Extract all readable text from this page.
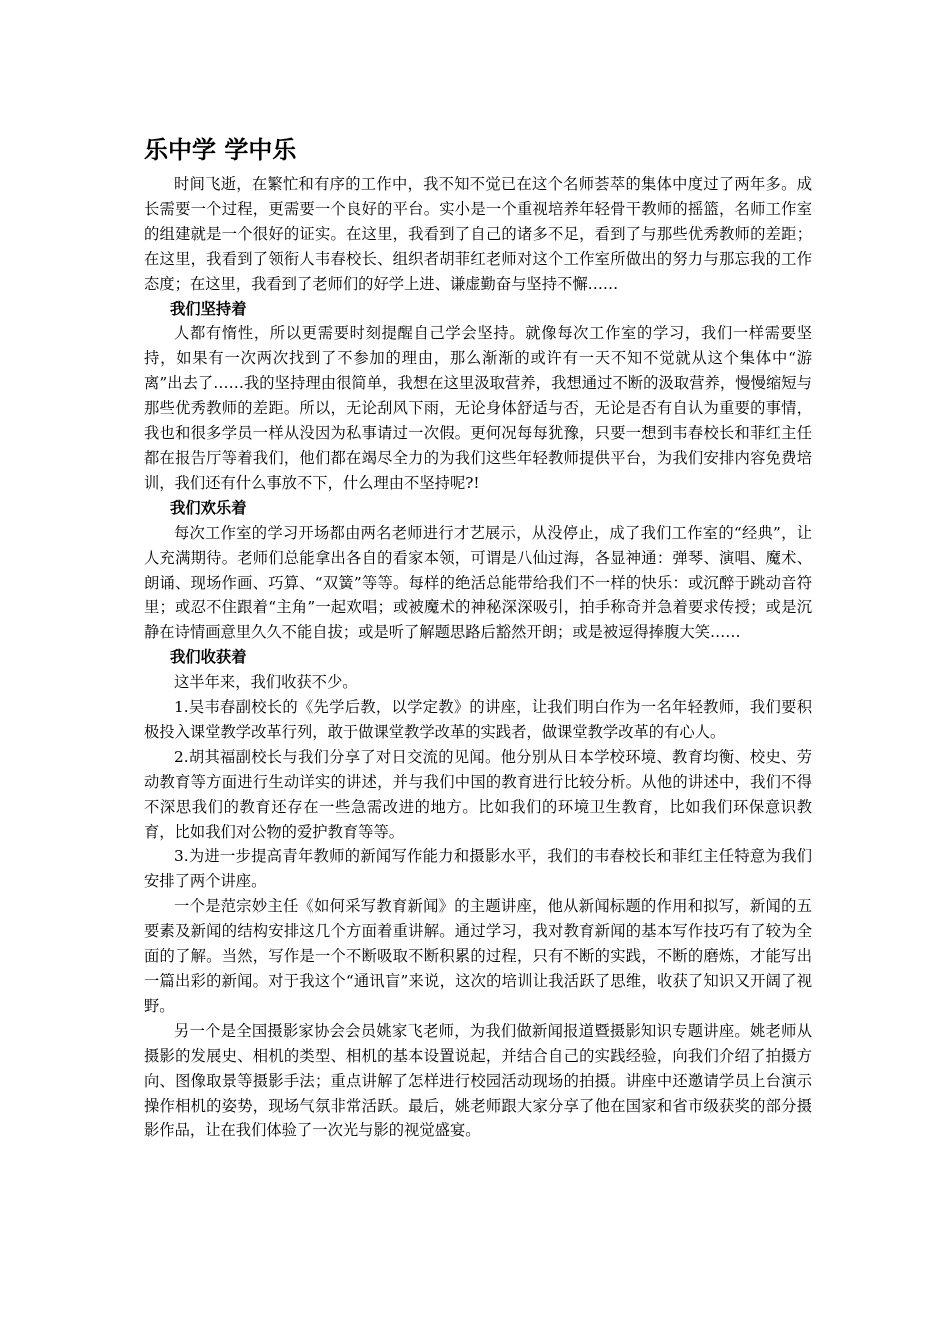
乐中学 学中乐

时间飞逝，在繁忙和有序的工作中，我不知不觉已在这个名师荟萃的集体中度过了两年多。成长需要一个过程，更需要一个良好的平台。实小是一个重视培养年轻骨干教师的摇篮，名师工作室的组建就是一个很好的证实。在这里，我看到了自己的诸多不足，看到了与那些优秀教师的差距；在这里，我看到了领衔人韦春校长、组织者胡菲红老师对这个工作室所做出的努力与那忘我的工作态度；在这里，我看到了老师们的好学上进、谦虚勤奋与坚持不懈……

我们坚持着

人都有惰性，所以更需要时刻提醒自己学会坚持。就像每次工作室的学习，我们一样需要坚持，如果有一次两次找到了不参加的理由，那么渐渐的或许有一天不知不觉就从这个集体中“游离”出去了……我的坚持理由很简单，我想在这里汲取营养，我想通过不断的汲取营养，慢慢缩短与那些优秀教师的差距。所以，无论刮风下雨，无论身体舒适与否，无论是否有自认为重要的事情，我也和很多学员一样从没因为私事请过一次假。更何况每每犹豫，只要一想到韦春校长和菲红主任都在报告厅等着我们，他们都在竭尽全力的为我们这些年轻教师提供平台，为我们安排内容免费培训，我们还有什么事放不下，什么理由不坚持呢?!

我们欢乐着

每次工作室的学习开场都由两名老师进行才艺展示，从没停止，成了我们工作室的“经典”，让人充满期待。老师们总能拿出各自的看家本领，可谓是八仙过海，各显神通：弹琴、演唱、魔术、朗诵、现场作画、巧算、“双簧”等等。每样的绝活总能带给我们不一样的快乐：或沉醉于跳动音符里；或忍不住跟着“主角”一起欢唱；或被魔术的神秘深深吸引，拍手称奇并急着要求传授；或是沉静在诗情画意里久久不能自拔；或是听了解题思路后豁然开朗；或是被逗得捧腹大笑……

我们收获着

这半年来，我们收获不少。

1.吴韦春副校长的《先学后教，以学定教》的讲座，让我们明白作为一名年轻教师，我们要积极投入课堂教学改革行列，敢于做课堂教学改革的实践者，做课堂教学改革的有心人。

2.胡其福副校长与我们分享了对日交流的见闻。他分别从日本学校环境、教育均衡、校史、劳动教育等方面进行生动详实的讲述，并与我们中国的教育进行比较分析。从他的讲述中，我们不得不深思我们的教育还存在一些急需改进的地方。比如我们的环境卫生教育，比如我们环保意识教育，比如我们对公物的爱护教育等等。

3.为进一步提高青年教师的新闻写作能力和摄影水平，我们的韦春校长和菲红主任特意为我们安排了两个讲座。

一个是范宗妙主任《如何采写教育新闻》的主题讲座，他从新闻标题的作用和拟写，新闻的五要素及新闻的结构安排这几个方面着重讲解。通过学习，我对教育新闻的基本写作技巧有了较为全面的了解。当然，写作是一个不断吸取不断积累的过程，只有不断的实践，不断的磨炼，才能写出一篇出彩的新闻。对于我这个“通讯盲”来说，这次的培训让我活跃了思维，收获了知识又开阔了视野。

另一个是全国摄影家协会会员姚家飞老师，为我们做新闻报道暨摄影知识专题讲座。姚老师从摄影的发展史、相机的类型、相机的基本设置说起，并结合自己的实践经验，向我们介绍了拍摄方向、图像取景等摄影手法；重点讲解了怎样进行校园活动现场的拍摄。讲座中还邀请学员上台演示操作相机的姿势，现场气氛非常活跃。最后，姚老师跟大家分享了他在国家和省市级获奖的部分摄影作品，让在我们体验了一次光与影的视觉盛宴。
